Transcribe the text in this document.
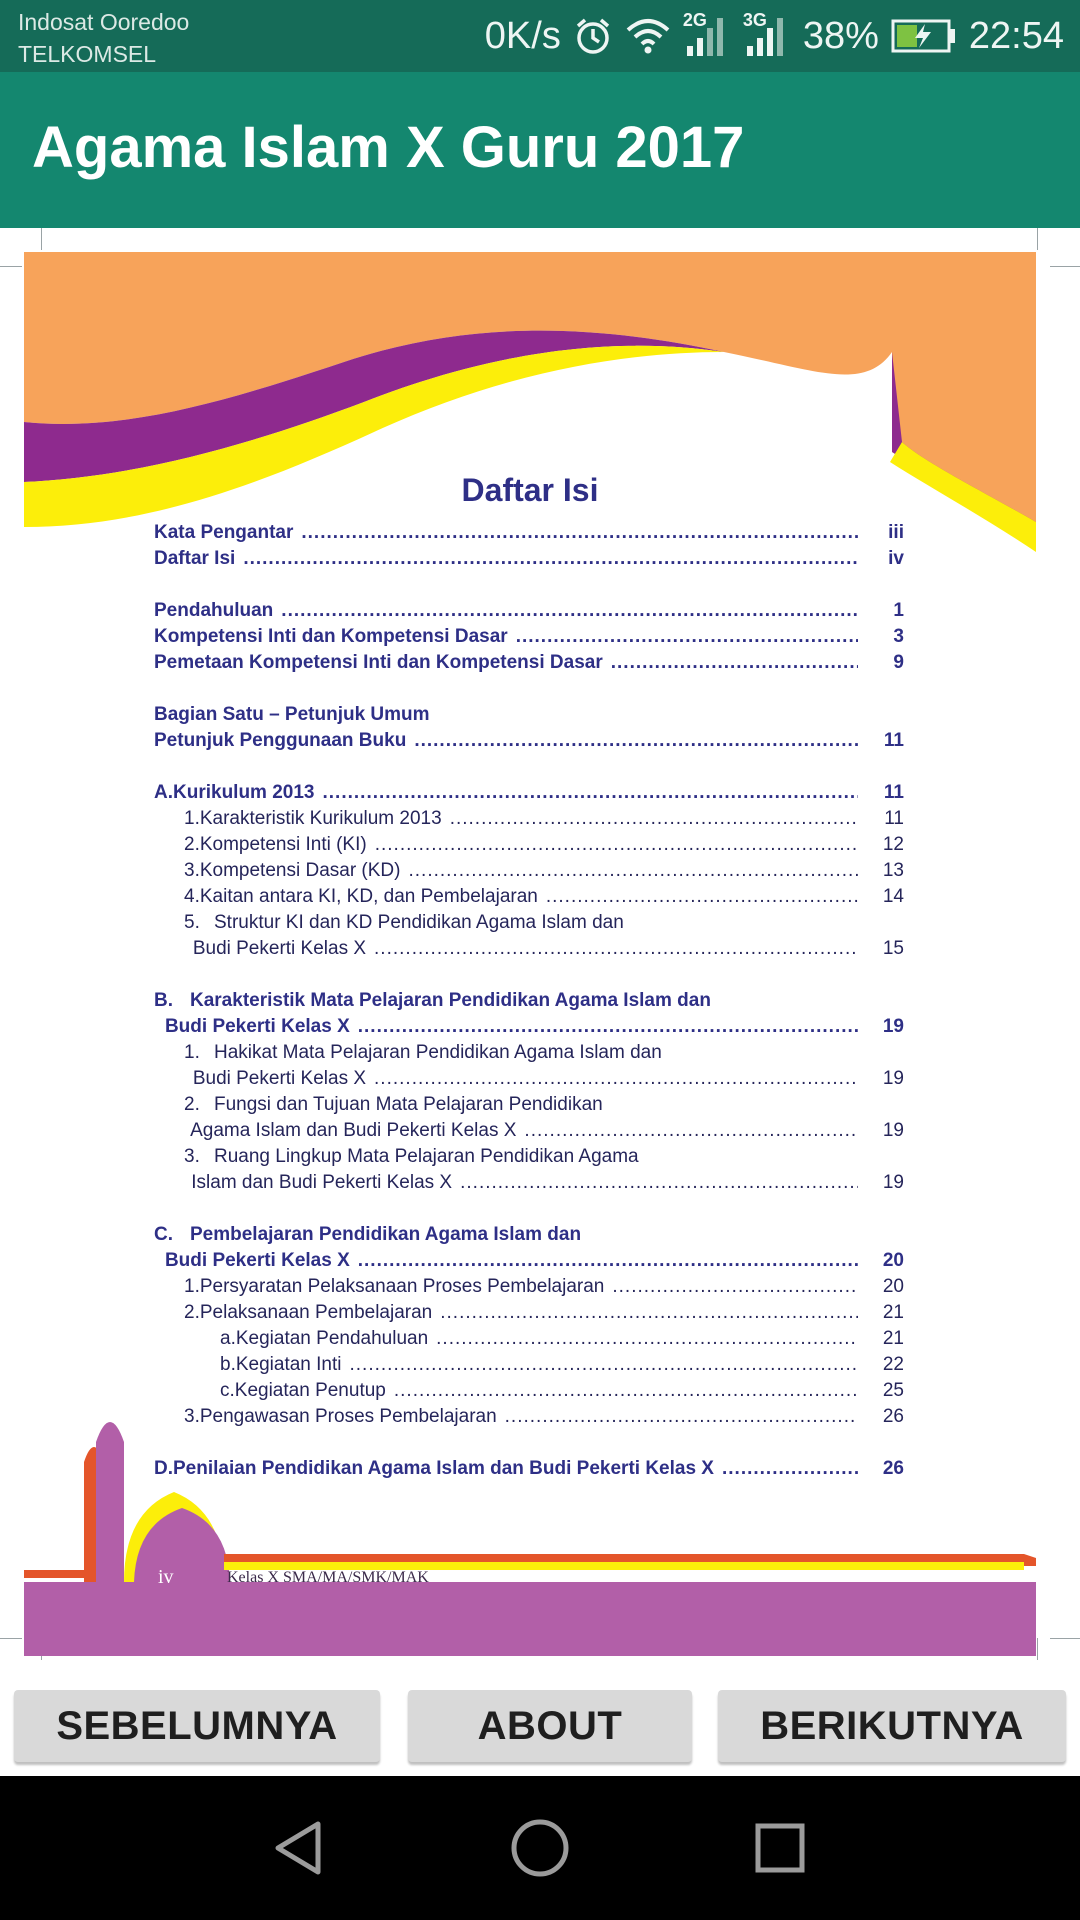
Indosat Ooredoo
TELKOMSEL	0K/s	2G 3G 38% 22:54
Agama Islam X Guru 2017
Daftar Isi
Kata Pengantar .....	iii
Daftar Isi .....	iv
Pendahuluan .....	1
Kompetensi Inti dan Kompetensi Dasar .....	3
Pemetaan Kompetensi Inti dan Kompetensi Dasar .....	9
Bagian Satu – Petunjuk Umum
Petunjuk Penggunaan Buku .....	11
A. Kurikulum 2013 .....	11
1. Karakteristik Kurikulum 2013 .....	11
2. Kompetensi Inti (KI) .....	12
3. Kompetensi Dasar (KD) .....	13
4. Kaitan antara KI, KD, dan Pembelajaran .....	14
5. Struktur KI dan KD Pendidikan Agama Islam dan
Budi Pekerti Kelas X .....	15
B. Karakteristik Mata Pelajaran Pendidikan Agama Islam dan
Budi Pekerti Kelas X .....	19
1. Hakikat Mata Pelajaran Pendidikan Agama Islam dan
Budi Pekerti Kelas X .....	19
2. Fungsi dan Tujuan Mata Pelajaran Pendidikan
Agama Islam dan Budi Pekerti Kelas X .....	19
3. Ruang Lingkup Mata Pelajaran Pendidikan Agama
Islam dan Budi Pekerti Kelas X .....	19
C. Pembelajaran Pendidikan Agama Islam dan
Budi Pekerti Kelas X .....	20
1. Persyaratan Pelaksanaan Proses Pembelajaran .....	20
2. Pelaksanaan Pembelajaran .....	21
a. Kegiatan Pendahuluan .....	21
b. Kegiatan Inti .....	22
c. Kegiatan Penutup .....	25
3. Pengawasan Proses Pembelajaran .....	26
D. Penilaian Pendidikan Agama Islam dan Budi Pekerti Kelas X .....	26
iv	Kelas X SMA/MA/SMK/MAK
SEBELUMNYA	ABOUT	BERIKUTNYA
